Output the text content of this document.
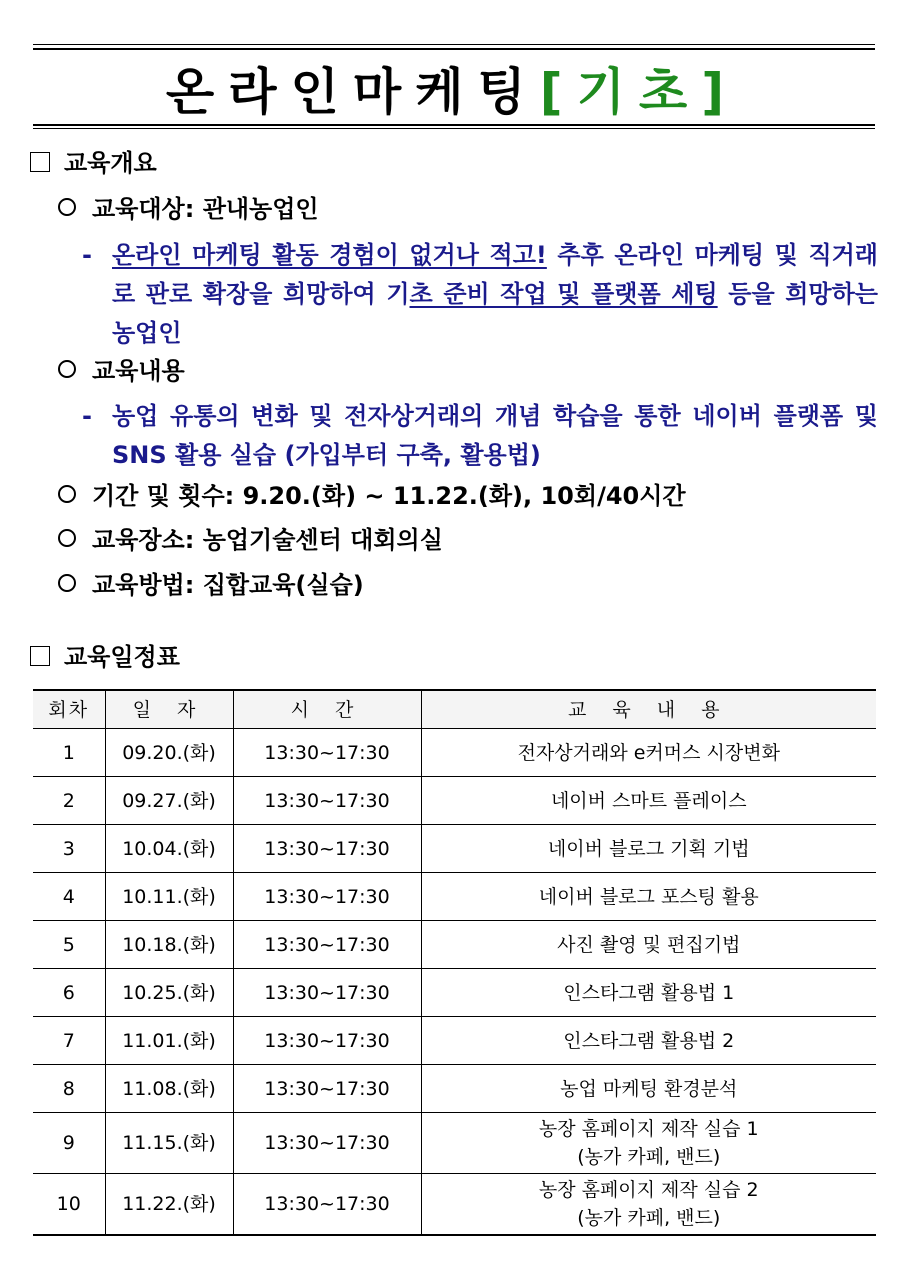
온라인마케팅[기초]
교육개요
교육대상: 관내농업인
- 온라인 마케팅 활동 경험이 없거나 적고! 추후 온라인 마케팅 및 직거래로 판로 확장을 희망하여 기초 준비 작업 및 플랫폼 세팅 등을 희망하는 농업인
교육내용
- 농업 유통의 변화 및 전자상거래의 개념 학습을 통한 네이버 플랫폼 및 SNS 활용 실습 (가입부터 구축, 활용법)
기간 및 횟수: 9.20.(화) ~ 11.22.(화), 10회/40시간
교육장소: 농업기술센터 대회의실
교육방법: 집합교육(실습)
교육일정표
회차	일 자	시 간	교 육 내 용
1	09.20.(화)	13:30~17:30	전자상거래와 e커머스 시장변화
2	09.27.(화)	13:30~17:30	네이버 스마트 플레이스
3	10.04.(화)	13:30~17:30	네이버 블로그 기획 기법
4	10.11.(화)	13:30~17:30	네이버 블로그 포스팅 활용
5	10.18.(화)	13:30~17:30	사진 촬영 및 편집기법
6	10.25.(화)	13:30~17:30	인스타그램 활용법 1
7	11.01.(화)	13:30~17:30	인스타그램 활용법 2
8	11.08.(화)	13:30~17:30	농업 마케팅 환경분석
9	11.15.(화)	13:30~17:30	농장 홈페이지 제작 실습 1
(농가 카페, 밴드)

10	11.22.(화)	13:30~17:30	농장 홈페이지 제작 실습 2
(농가 카페, 밴드)
